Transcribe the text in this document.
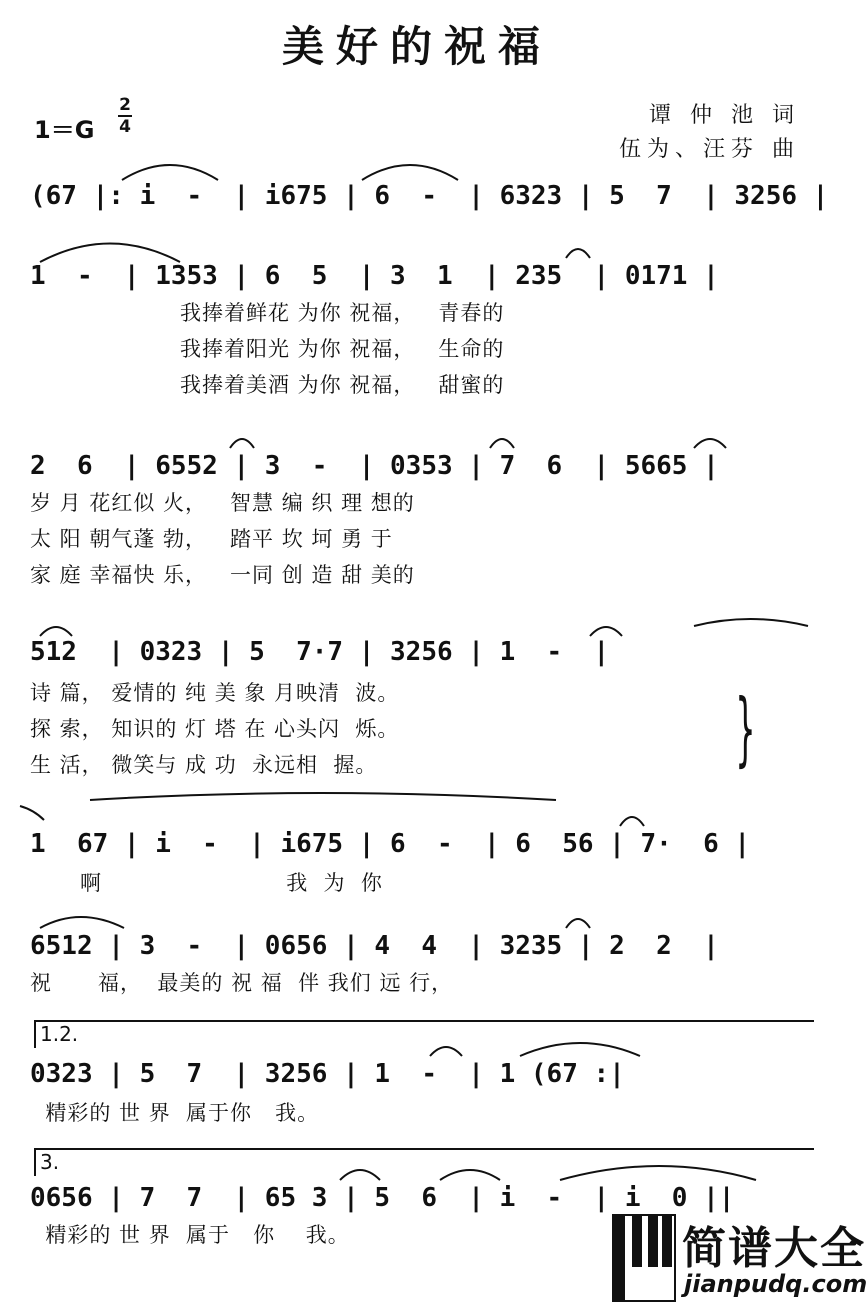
美好的祝福
1＝G
2
4	谭 仲 池 词
伍为、汪芬 曲
(67 |: i  -  | i675 | 6  -  | 6323 | 5  7  | 3256 |
1  -  | 1353 | 6  5  | 3  1  | 235  | 0171 |
我捧着鲜花 为你 祝福，   青春的
我捧着阳光 为你 祝福，   生命的
我捧着美酒 为你 祝福，   甜蜜的
2  6  | 6552 | 3  -  | 0353 | 7  6  | 5665 |
岁 月 花红似 火，   智慧 编 织 理 想的
太 阳 朝气蓬 勃，   踏平 坎 坷 勇 于
家 庭 幸福快 乐，   一同 创 造 甜 美的
512  | 0323 | 5  7·7 | 3256 | 1  -  |
诗 篇， 爱情的 纯 美 象 月映清  波。
探 索， 知识的 灯 塔 在 心头闪  烁。
生 活， 微笑与 成 功  永远相  握。	}
1  67 | i  -  | i675 | 6  -  | 6  56 | 7·  6 |
啊                        我  为  你
6512 | 3  -  | 0656 | 4  4  | 3235 | 2  2  |
祝      福，  最美的 祝 福  伴 我们 远 行，
1.2.
0323 | 5  7  | 3256 | 1  -  | 1 (67 :|
精彩的 世 界  属于你   我。
3.
0656 | 7  7  | 65 3 | 5  6  | i  -  | i  0 ||
精彩的 世 界  属于   你    我。	简谱大全
jianpudq.com
